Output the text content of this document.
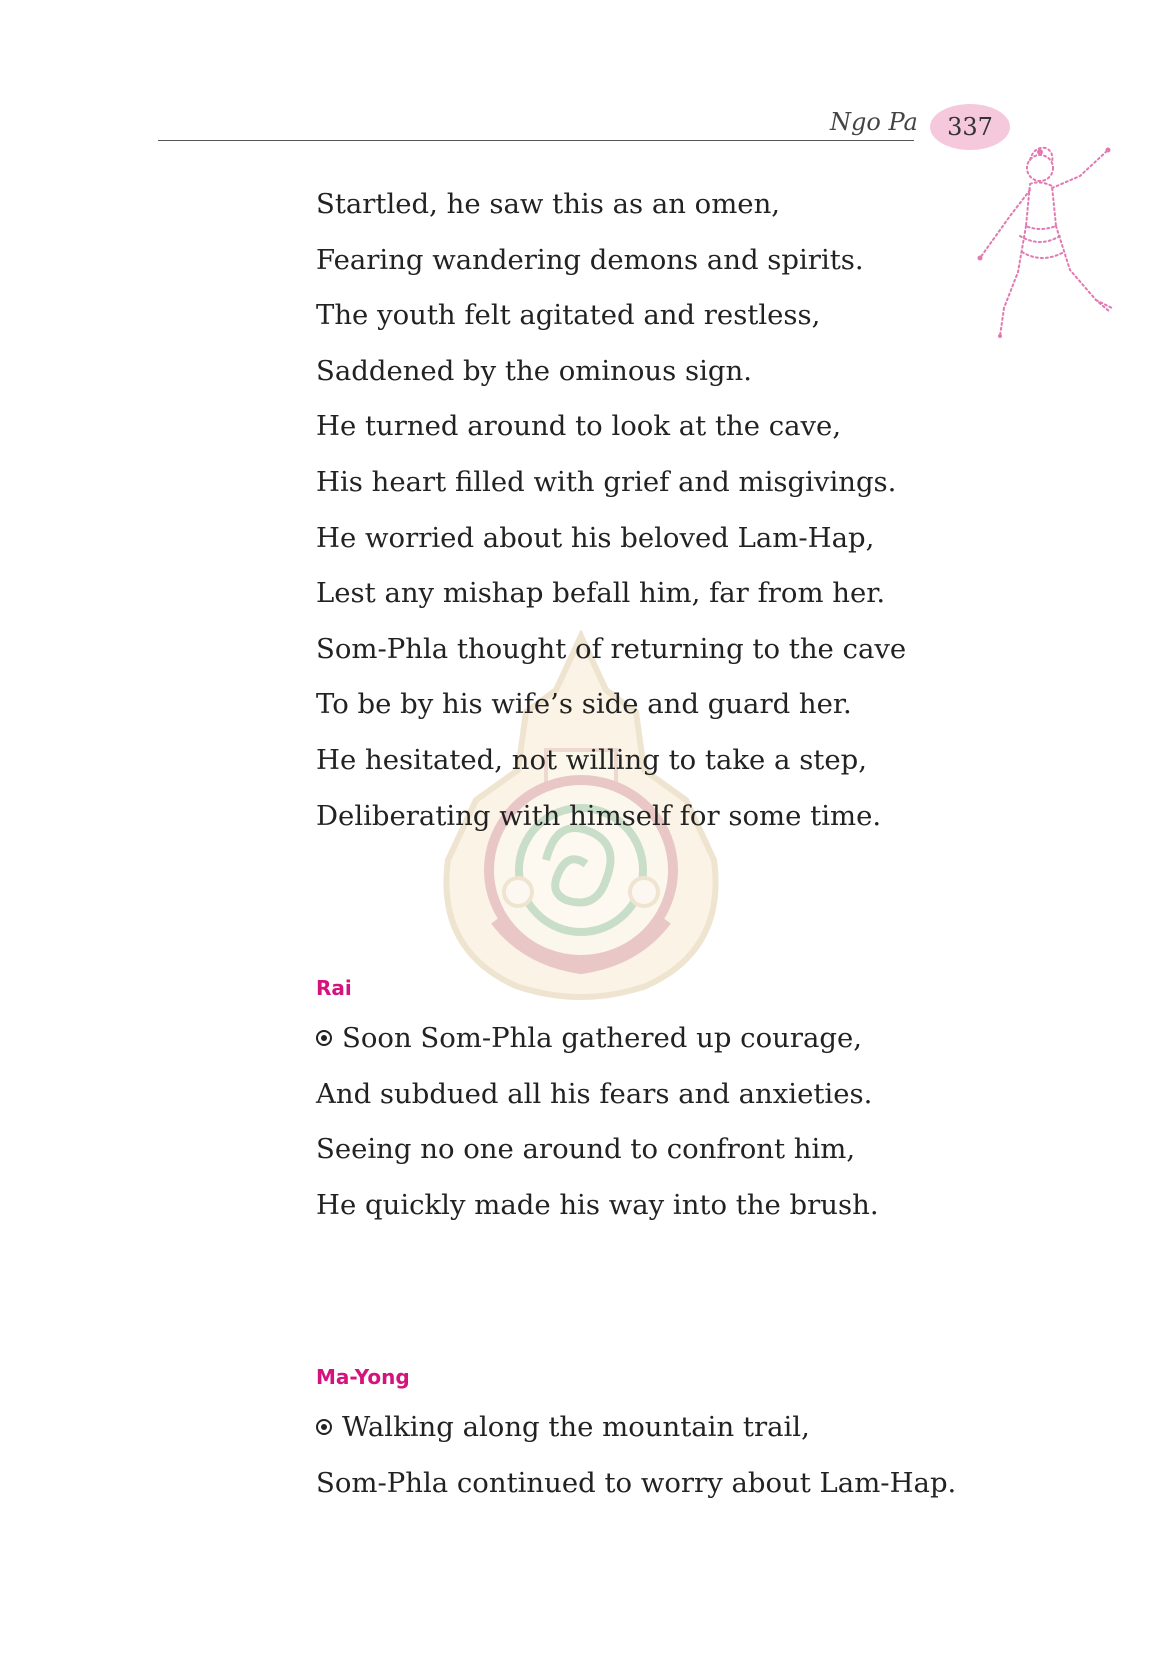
Ngo Pa	337
Startled, he saw this as an omen,
Fearing wandering demons and spirits.
The youth felt agitated and restless,
Saddened by the ominous sign.
He turned around to look at the cave,
His heart filled with grief and misgivings.
He worried about his beloved Lam-Hap,
Lest any mishap befall him, far from her.
Som-Phla thought of returning to the cave
To be by his wife’s side and guard her.
He hesitated, not willing to take a step,
Deliberating with himself for some time.
Rai
Soon Som-Phla gathered up courage,
And subdued all his fears and anxieties.
Seeing no one around to confront him,
He quickly made his way into the brush.
Ma-Yong
Walking along the mountain trail,
Som-Phla continued to worry about Lam-Hap.
